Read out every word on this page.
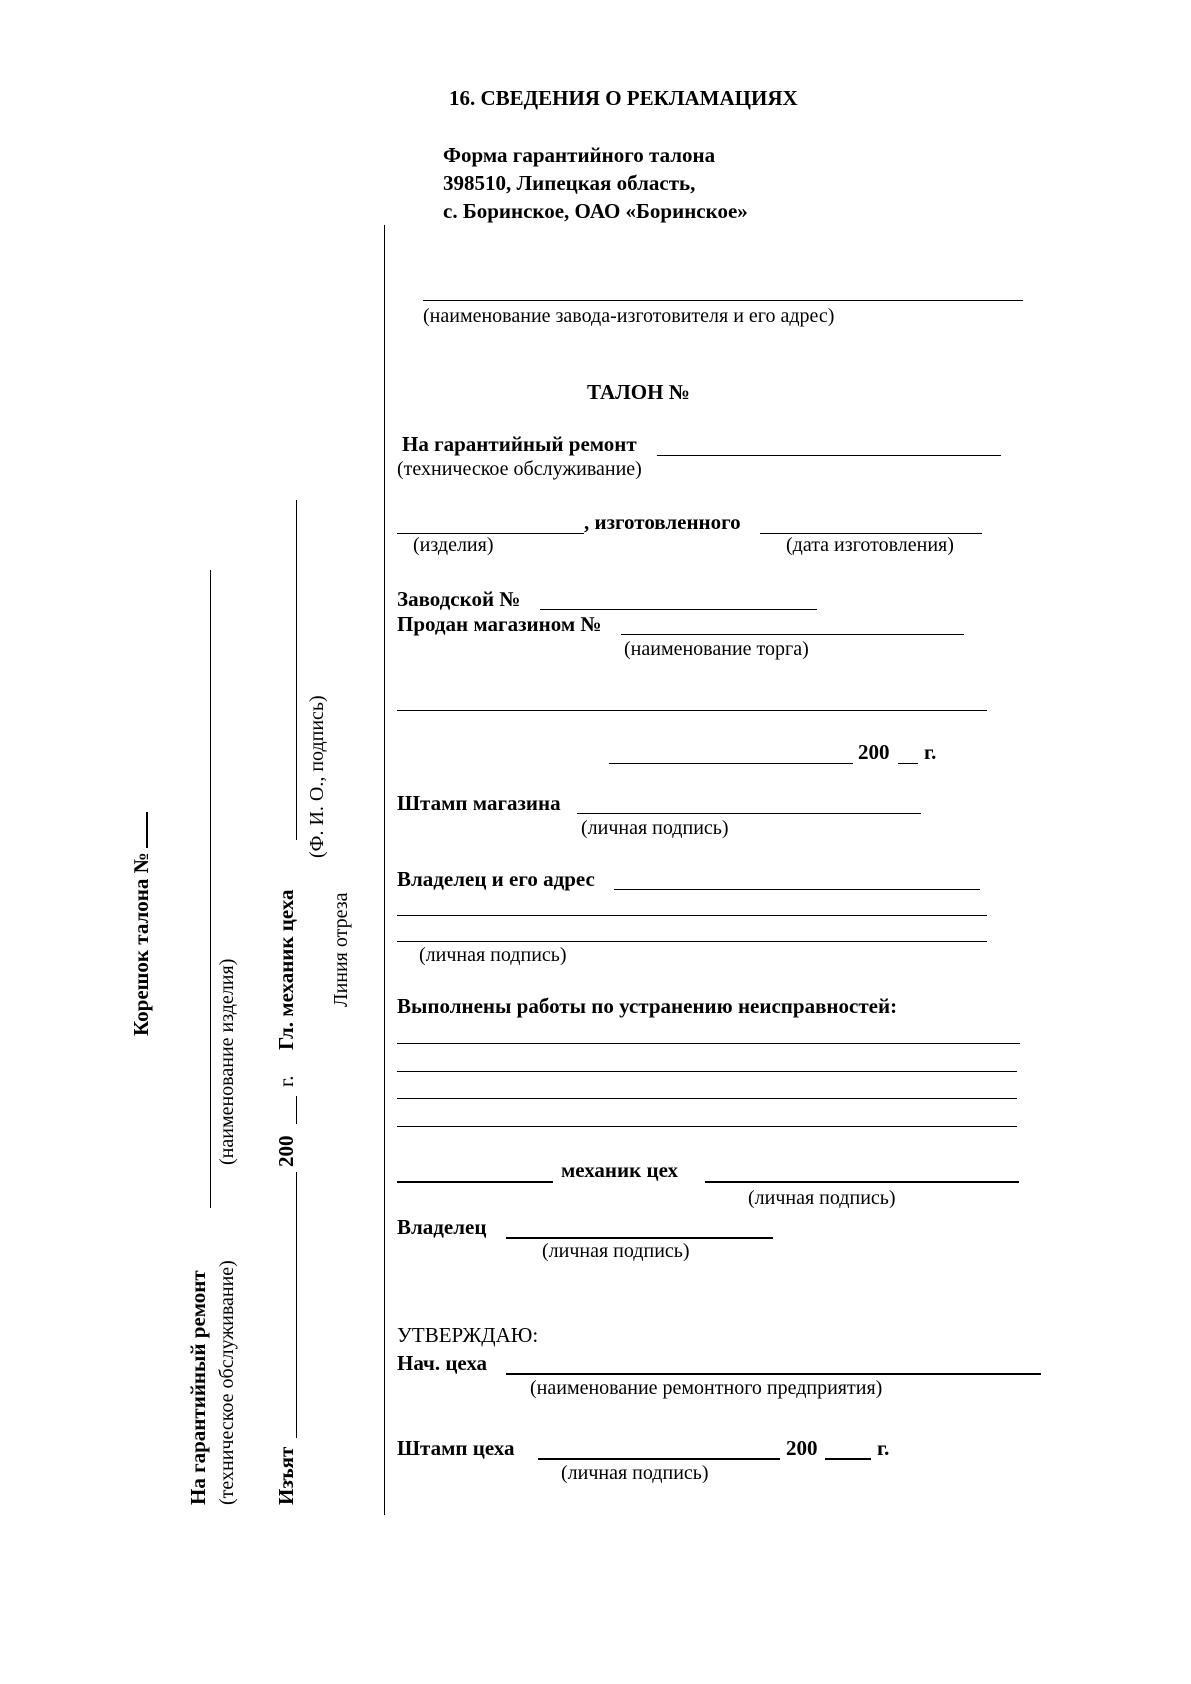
16. СВЕДЕНИЯ О РЕКЛАМАЦИЯХ
Форма гарантийного талона
398510, Липецкая область,
с. Боринское, ОАО «Боринское»
(наименование завода-изготовителя и его адрес)
ТАЛОН №
На гарантийный ремонт
(техническое обслуживание)
, изготовленного
(изделия)	(дата изготовления)
Заводской №
Продан магазином №
(наименование торга)
200 г.
Штамп магазина
(личная подпись)
Владелец и его адрес
(личная подпись)
Выполнены работы по устранению неисправностей:
механик цех
(личная подпись)
Владелец
(личная подпись)
УТВЕРЖДАЮ:
Нач. цеха
(наименование ремонтного предприятия)
Штамп цеха	200	г.
(личная подпись)
Корешок талона №
На гарантийный ремонт (техническое обслуживание)
(наименование изделия)
Изъят
200
г.
Гл. механик цеха
(Ф. И. О., подпись)
Линия отреза
